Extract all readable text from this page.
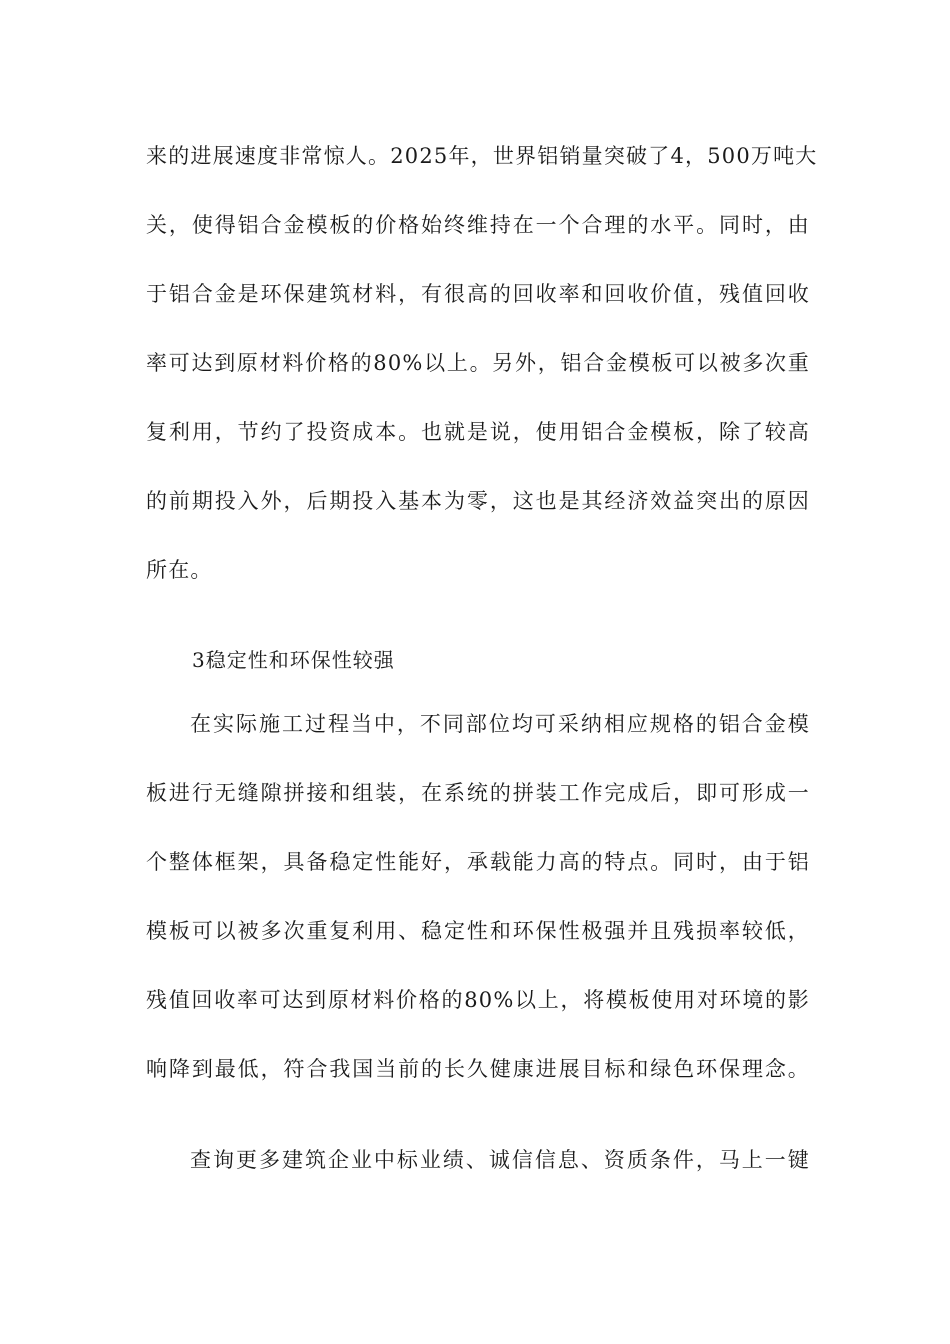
来的进展速度非常惊人。2025年，世界铝销量突破了4，500万吨大
关，使得铝合金模板的价格始终维持在一个合理的水平。同时，由
于铝合金是环保建筑材料，有很高的回收率和回收价值，残值回收
率可达到原材料价格的80%以上。另外，铝合金模板可以被多次重
复利用，节约了投资成本。也就是说，使用铝合金模板，除了较高
的前期投入外，后期投入基本为零，这也是其经济效益突出的原因
所在。
3稳定性和环保性较强
在实际施工过程当中，不同部位均可采纳相应规格的铝合金模
板进行无缝隙拼接和组装，在系统的拼装工作完成后，即可形成一
个整体框架，具备稳定性能好，承载能力高的特点。同时，由于铝
模板可以被多次重复利用、稳定性和环保性极强并且残损率较低，
残值回收率可达到原材料价格的80%以上，将模板使用对环境的影
响降到最低，符合我国当前的长久健康进展目标和绿色环保理念。
查询更多建筑企业中标业绩、诚信信息、资质条件，马上一键
